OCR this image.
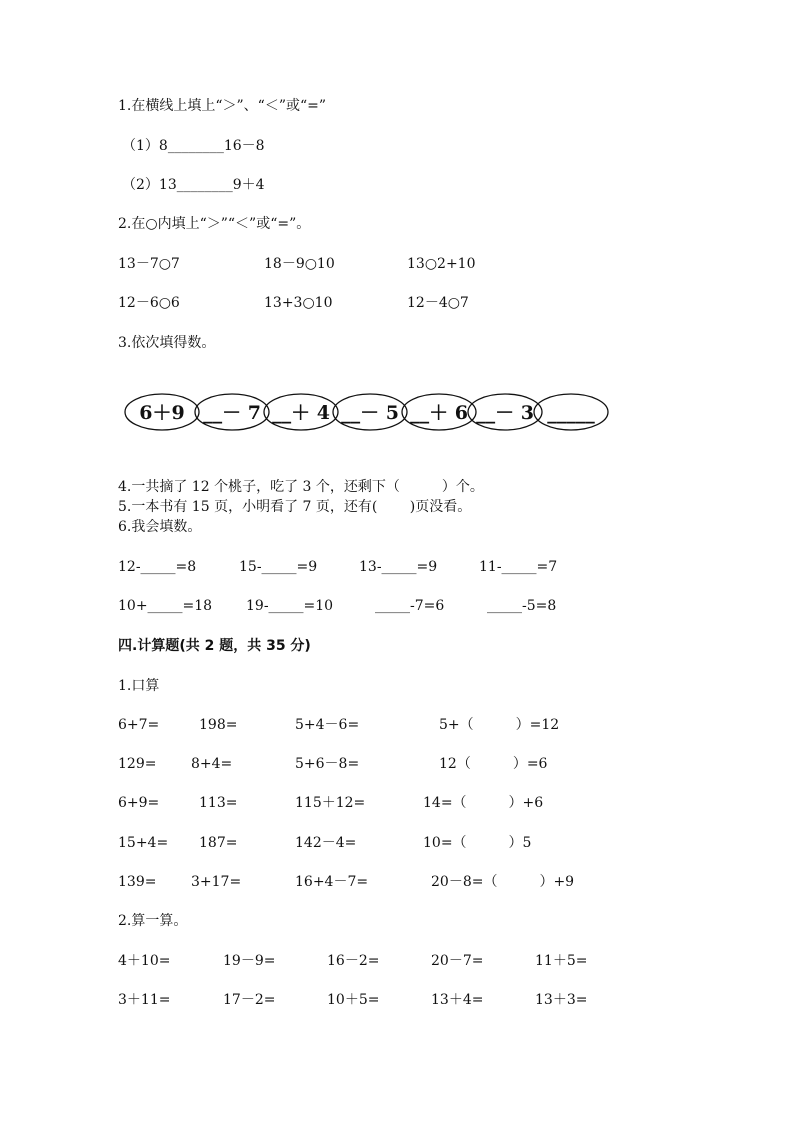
1.在横线上填上“＞”、“＜”或“=”
（1）8________16－8
（2）13________9＋4
2.在○内填上“＞”“＜”或“=”。
13－7○7	18－9○10	13○2+10
12－6○6	13+3○10	12－4○7
3.依次填得数。
6＋9 __－ 7 __＋ 4 __－ 5 __＋ 6 __－ 3 _____
4.一共摘了 12 个桃子，吃了 3 个，还剩下（　　　）个。
5.一本书有 15 页，小明看了 7 页，还有(　　 )页没看。
6.我会填数。
12-_____=8	15-_____=9	13-_____=9	11-_____=7
10+_____=18 19-_____=10	_____-7=6	_____-5=8
四.计算题(共 2 题，共 35 分)
1.口算
6+7=	198=	5+4－6=	5+（　　　）=12
129= 8+4=	5+6－8=	12（　　　）=6
6+9=	113=	115＋12=	14=（　　　）+6
15+4= 187=	142－4=	10=（　　　）5
139= 3+17=	16+4－7=	20－8=（　　　）+9
2.算一算。
4＋10=	19－9=	16－2=	20－7=	11＋5=
3＋11=	17－2=	10＋5=	13＋4=	13＋3=
